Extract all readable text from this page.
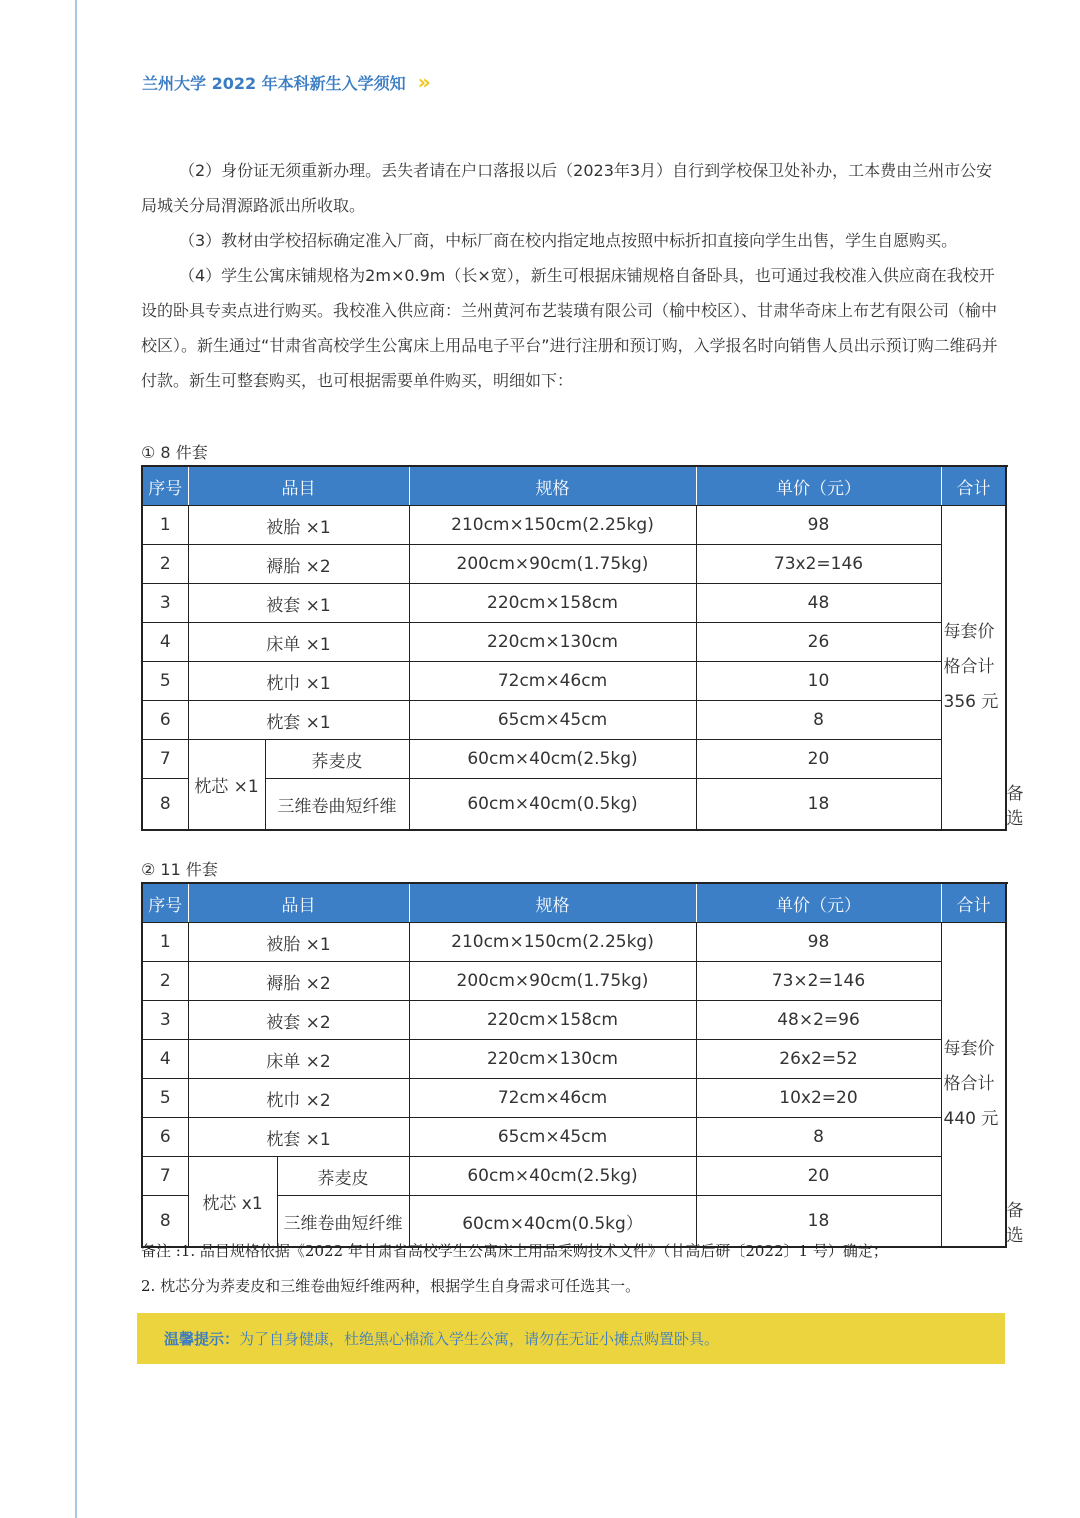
兰州大学 2022 年本科新生入学须知 »

（2）身份证无须重新办理。丢失者请在户口落报以后（2023年3月）自行到学校保卫处补办，工本费由兰州市公安局城关分局渭源路派出所收取。

（3）教材由学校招标确定准入厂商，中标厂商在校内指定地点按照中标折扣直接向学生出售，学生自愿购买。

（4）学生公寓床铺规格为2m×0.9m（长×宽），新生可根据床铺规格自备卧具，也可通过我校准入供应商在我校开设的卧具专卖点进行购买。我校准入供应商：兰州黄河布艺装璜有限公司（榆中校区）、甘肃华奇床上布艺有限公司（榆中校区）。新生通过“甘肃省高校学生公寓床上用品电子平台”进行注册和预订购，入学报名时向销售人员出示预订购二维码并付款。新生可整套购买，也可根据需要单件购买，明细如下：

① 8 件套
序号	品目		规格	单价（元）	合计	
1	被胎 ×1		210cm×150cm(2.25kg)	98	每套价格合计356 元	
2	褥胎 ×2		200cm×90cm(1.75kg)	73x2=146		
3	被套 ×1		220cm×158cm	48		
4	床单 ×1		220cm×130cm	26		
5	枕巾 ×1		72cm×46cm	10		
6	枕套 ×1		65cm×45cm	8		
7	枕芯 ×1	荞麦皮	60cm×40cm(2.5kg)	20		
8		三维卷曲短纤维	60cm×40cm(0.5kg)	18		备选
② 11 件套
序号	品目		规格	单价（元）	合计	
1	被胎 ×1		210cm×150cm(2.25kg)	98	每套价格合计440 元	
2	褥胎 ×2		200cm×90cm(1.75kg)	73×2=146		
3	被套 ×2		220cm×158cm	48×2=96		
4	床单 ×2		220cm×130cm	26x2=52		
5	枕巾 ×2		72cm×46cm	10x2=20		
6	枕套 ×1		65cm×45cm	8		
7	枕芯 x1	荞麦皮	60cm×40cm(2.5kg)	20		
8		三维卷曲短纤维	60cm×40cm(0.5kg）	18		备选
备注 :1. 品目规格依据《2022 年甘肃省高校学生公寓床上用品采购技术文件》（甘高后研〔2022〕1 号）确定；
2. 枕芯分为荞麦皮和三维卷曲短纤维两种，根据学生自身需求可任选其一。
温馨提示： 为了自身健康，杜绝黑心棉流入学生公寓，请勿在无证小摊点购置卧具。
